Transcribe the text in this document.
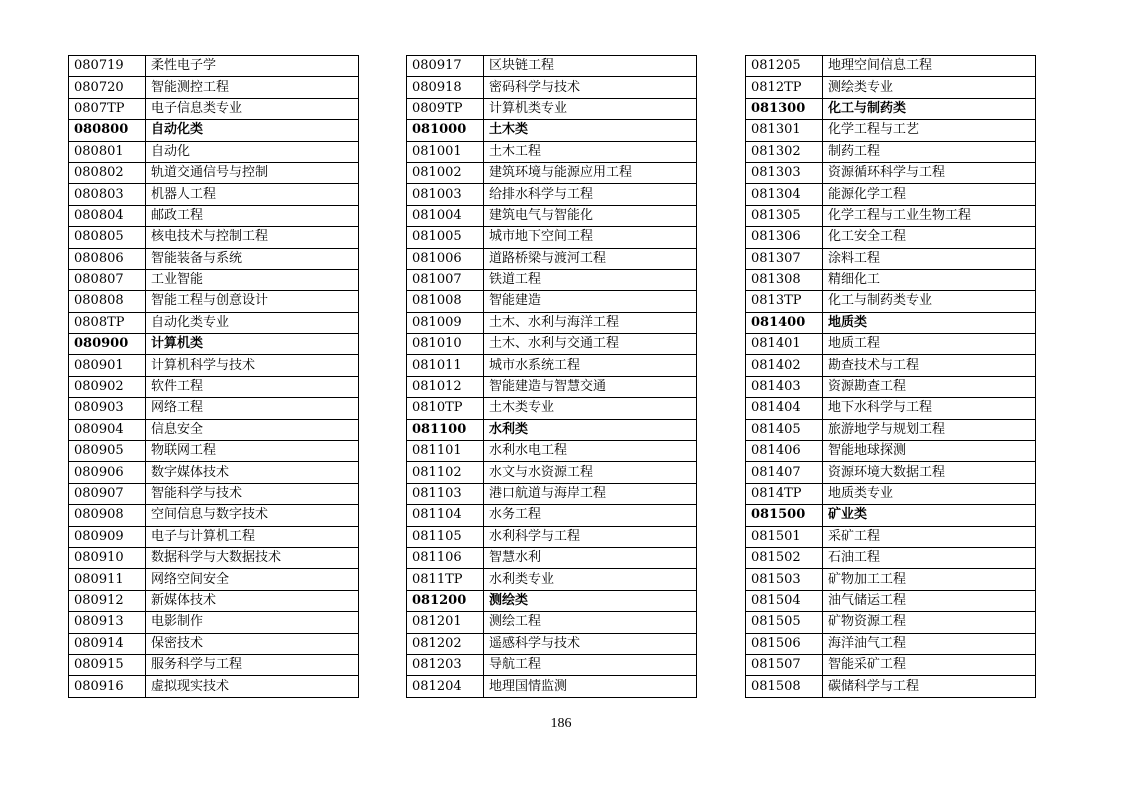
080719	柔性电子学
080720	智能测控工程
0807TP	电子信息类专业
080800	自动化类
080801	自动化
080802	轨道交通信号与控制
080803	机器人工程
080804	邮政工程
080805	核电技术与控制工程
080806	智能装备与系统
080807	工业智能
080808	智能工程与创意设计
0808TP	自动化类专业
080900	计算机类
080901	计算机科学与技术
080902	软件工程
080903	网络工程
080904	信息安全
080905	物联网工程
080906	数字媒体技术
080907	智能科学与技术
080908	空间信息与数字技术
080909	电子与计算机工程
080910	数据科学与大数据技术
080911	网络空间安全
080912	新媒体技术
080913	电影制作
080914	保密技术
080915	服务科学与工程
080916	虚拟现实技术
080917	区块链工程
080918	密码科学与技术
0809TP	计算机类专业
081000	土木类
081001	土木工程
081002	建筑环境与能源应用工程
081003	给排水科学与工程
081004	建筑电气与智能化
081005	城市地下空间工程
081006	道路桥梁与渡河工程
081007	铁道工程
081008	智能建造
081009	土木、水利与海洋工程
081010	土木、水利与交通工程
081011	城市水系统工程
081012	智能建造与智慧交通
0810TP	土木类专业
081100	水利类
081101	水利水电工程
081102	水文与水资源工程
081103	港口航道与海岸工程
081104	水务工程
081105	水利科学与工程
081106	智慧水利
0811TP	水利类专业
081200	测绘类
081201	测绘工程
081202	遥感科学与技术
081203	导航工程
081204	地理国情监测
081205	地理空间信息工程
0812TP	测绘类专业
081300	化工与制药类
081301	化学工程与工艺
081302	制药工程
081303	资源循环科学与工程
081304	能源化学工程
081305	化学工程与工业生物工程
081306	化工安全工程
081307	涂料工程
081308	精细化工
0813TP	化工与制药类专业
081400	地质类
081401	地质工程
081402	勘查技术与工程
081403	资源勘查工程
081404	地下水科学与工程
081405	旅游地学与规划工程
081406	智能地球探测
081407	资源环境大数据工程
0814TP	地质类专业
081500	矿业类
081501	采矿工程
081502	石油工程
081503	矿物加工工程
081504	油气储运工程
081505	矿物资源工程
081506	海洋油气工程
081507	智能采矿工程
081508	碳储科学与工程
186
